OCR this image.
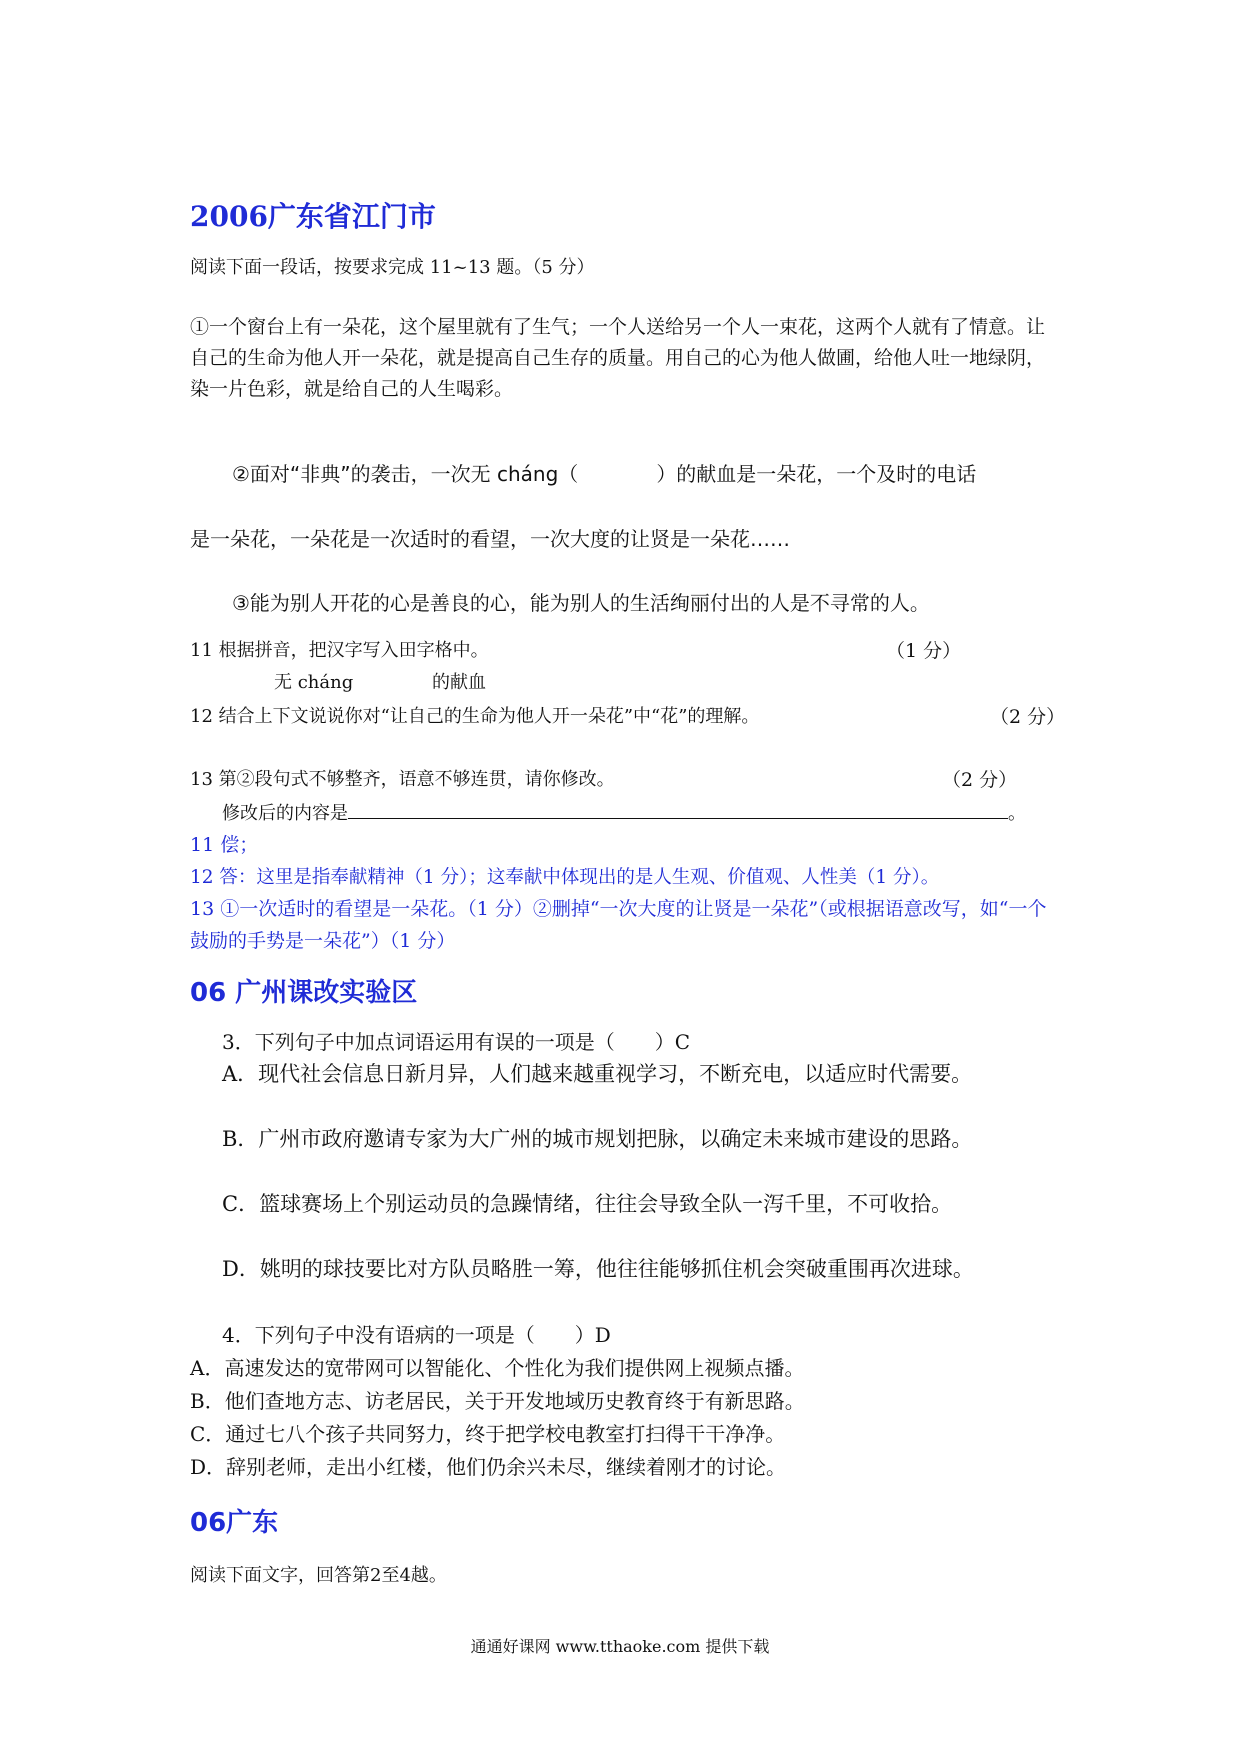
2006广东省江门市
阅读下面一段话，按要求完成 11~13 题。（5 分）
①一个窗台上有一朵花，这个屋里就有了生气；一个人送给另一个人一束花，这两个人就有了情意。让自己的生命为他人开一朵花，就是提高自己生存的质量。用自己的心为他人做圃，给他人吐一地绿阴，染一片色彩，就是给自己的人生喝彩。
②面对“非典”的袭击，一次无 cháng（	）的献血是一朵花，一个及时的电话
是一朵花，一朵花是一次适时的看望，一次大度的让贤是一朵花……
③能为别人开花的心是善良的心，能为别人的生活绚丽付出的人是不寻常的人。
11 根据拼音，把汉字写入田字格中。	（1 分）
无 cháng	的献血
12 结合上下文说说你对“让自己的生命为他人开一朵花”中“花”的理解。	（2 分）
13 第②段句式不够整齐，语意不够连贯，请你修改。	（2 分）
修改后的内容是	。
11 偿；
12 答：这里是指奉献精神（1 分）；这奉献中体现出的是人生观、价值观、人性美（1 分）。
13 ①一次适时的看望是一朵花。（1 分）②删掉“一次大度的让贤是一朵花”（或根据语意改写，如“一个鼓励的手势是一朵花”）（1 分）
06 广州课改实验区
3．下列句子中加点词语运用有误的一项是（　　）C
A．现代社会信息日新月异，人们越来越重视学习，不断充电，以适应时代需要。
B．广州市政府邀请专家为大广州的城市规划把脉，以确定未来城市建设的思路。
C．篮球赛场上个别运动员的急躁情绪，往往会导致全队一泻千里，不可收拾。
D．姚明的球技要比对方队员略胜一筹，他往往能够抓住机会突破重围再次进球。
4．下列句子中没有语病的一项是（　　）D
A．高速发达的宽带网可以智能化、个性化为我们提供网上视频点播。
B．他们查地方志、访老居民，关于开发地域历史教育终于有新思路。
C．通过七八个孩子共同努力，终于把学校电教室打扫得干干净净。
D．辞别老师，走出小红楼，他们仍余兴未尽，继续着刚才的讨论。
06广东
阅读下面文字，回答第2至4越。
通通好课网 www.tthaoke.com 提供下载
